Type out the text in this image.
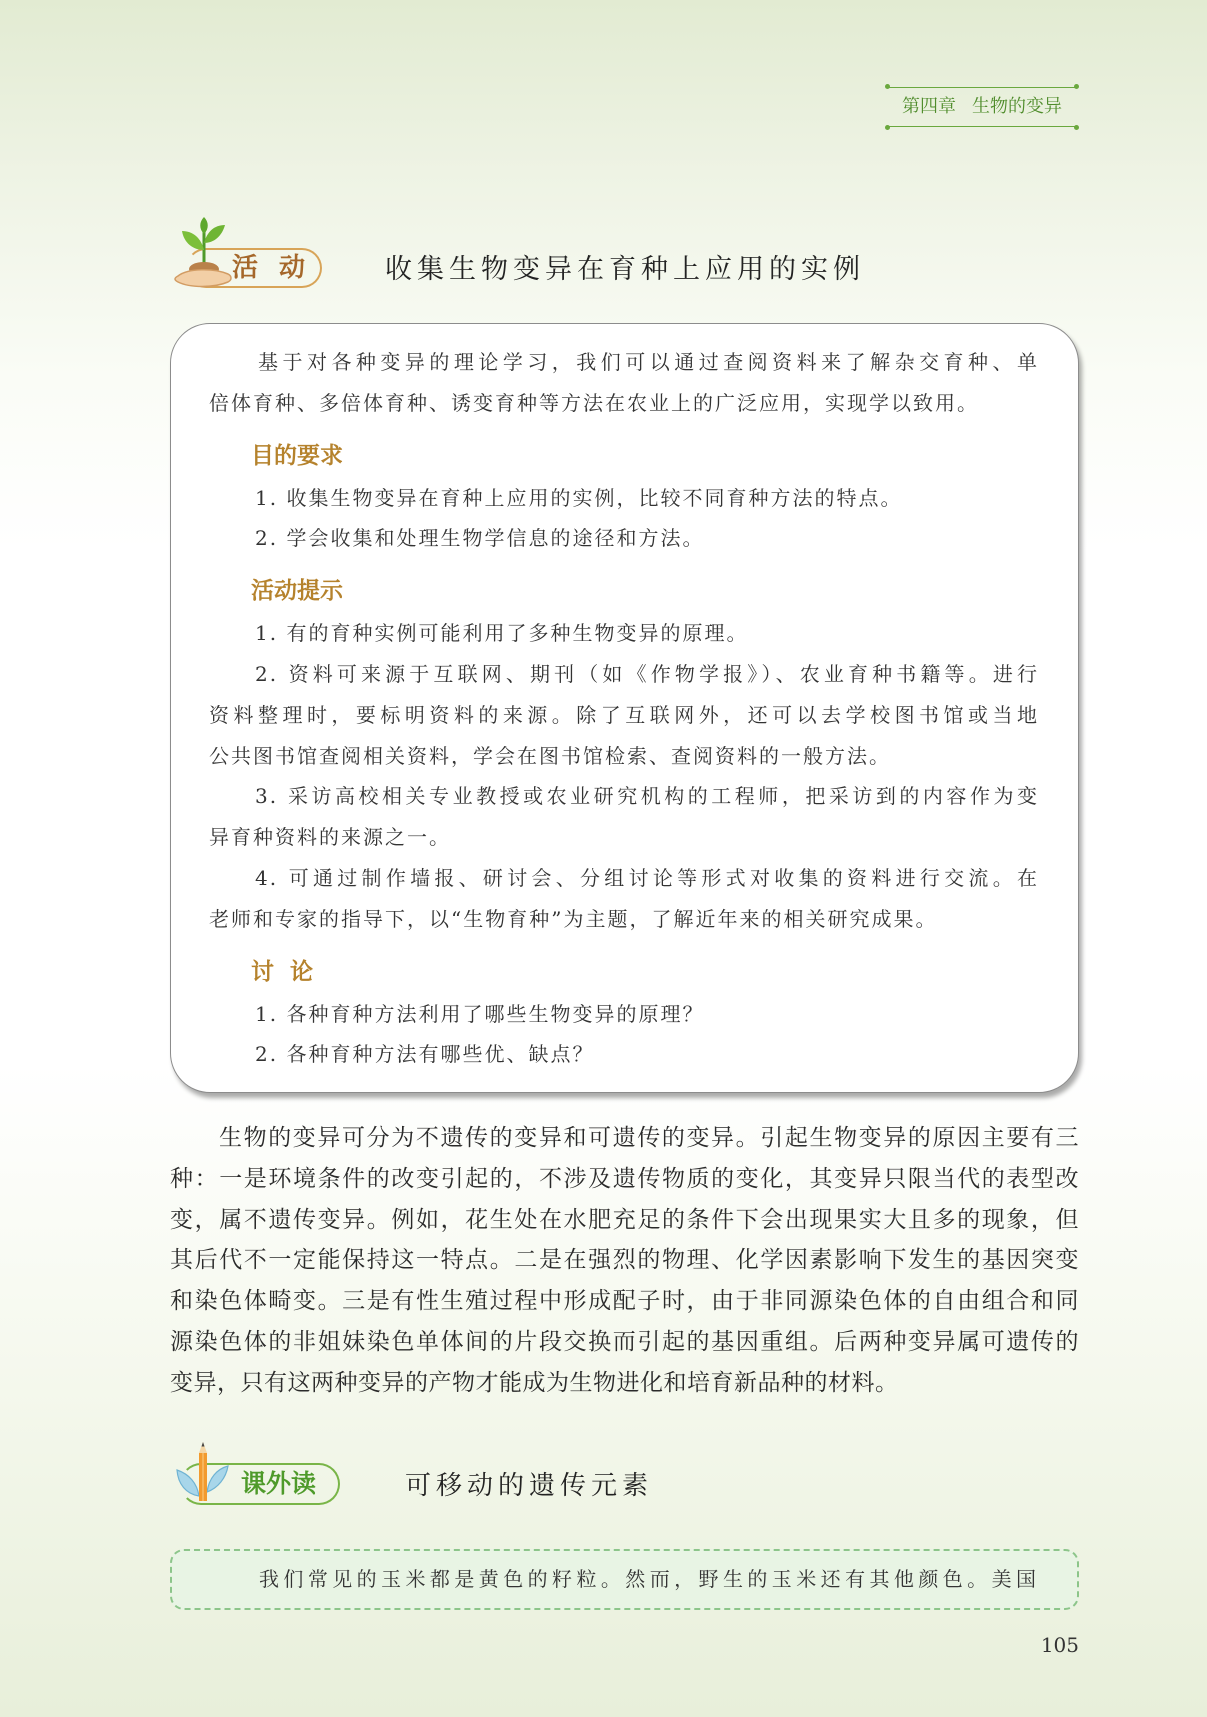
第四章 生物的变异
活 动	收集生物变异在育种上应用的实例
基于对各种变异的理论学习，我们可以通过查阅资料来了解杂交育种、单
倍体育种、多倍体育种、诱变育种等方法在农业上的广泛应用，实现学以致用。
目的要求
1. 收集生物变异在育种上应用的实例，比较不同育种方法的特点。
2. 学会收集和处理生物学信息的途径和方法。
活动提示
1. 有的育种实例可能利用了多种生物变异的原理。
2. 资料可来源于互联网、期刊（如《作物学报》）、农业育种书籍等。进行
资料整理时，要标明资料的来源。除了互联网外，还可以去学校图书馆或当地
公共图书馆查阅相关资料，学会在图书馆检索、查阅资料的一般方法。
3. 采访高校相关专业教授或农业研究机构的工程师，把采访到的内容作为变
异育种资料的来源之一。
4. 可通过制作墙报、研讨会、分组讨论等形式对收集的资料进行交流。在
老师和专家的指导下，以“生物育种”为主题，了解近年来的相关研究成果。
讨  论
1. 各种育种方法利用了哪些生物变异的原理？
2. 各种育种方法有哪些优、缺点？
生物的变异可分为不遗传的变异和可遗传的变异。引起生物变异的原因主要有三
种：一是环境条件的改变引起的，不涉及遗传物质的变化，其变异只限当代的表型改
变，属不遗传变异。例如，花生处在水肥充足的条件下会出现果实大且多的现象，但
其后代不一定能保持这一特点。二是在强烈的物理、化学因素影响下发生的基因突变
和染色体畸变。三是有性生殖过程中形成配子时，由于非同源染色体的自由组合和同
源染色体的非姐妹染色单体间的片段交换而引起的基因重组。后两种变异属可遗传的
变异，只有这两种变异的产物才能成为生物进化和培育新品种的材料。
课外读	可移动的遗传元素
我们常见的玉米都是黄色的籽粒。然而，野生的玉米还有其他颜色。美国
105
